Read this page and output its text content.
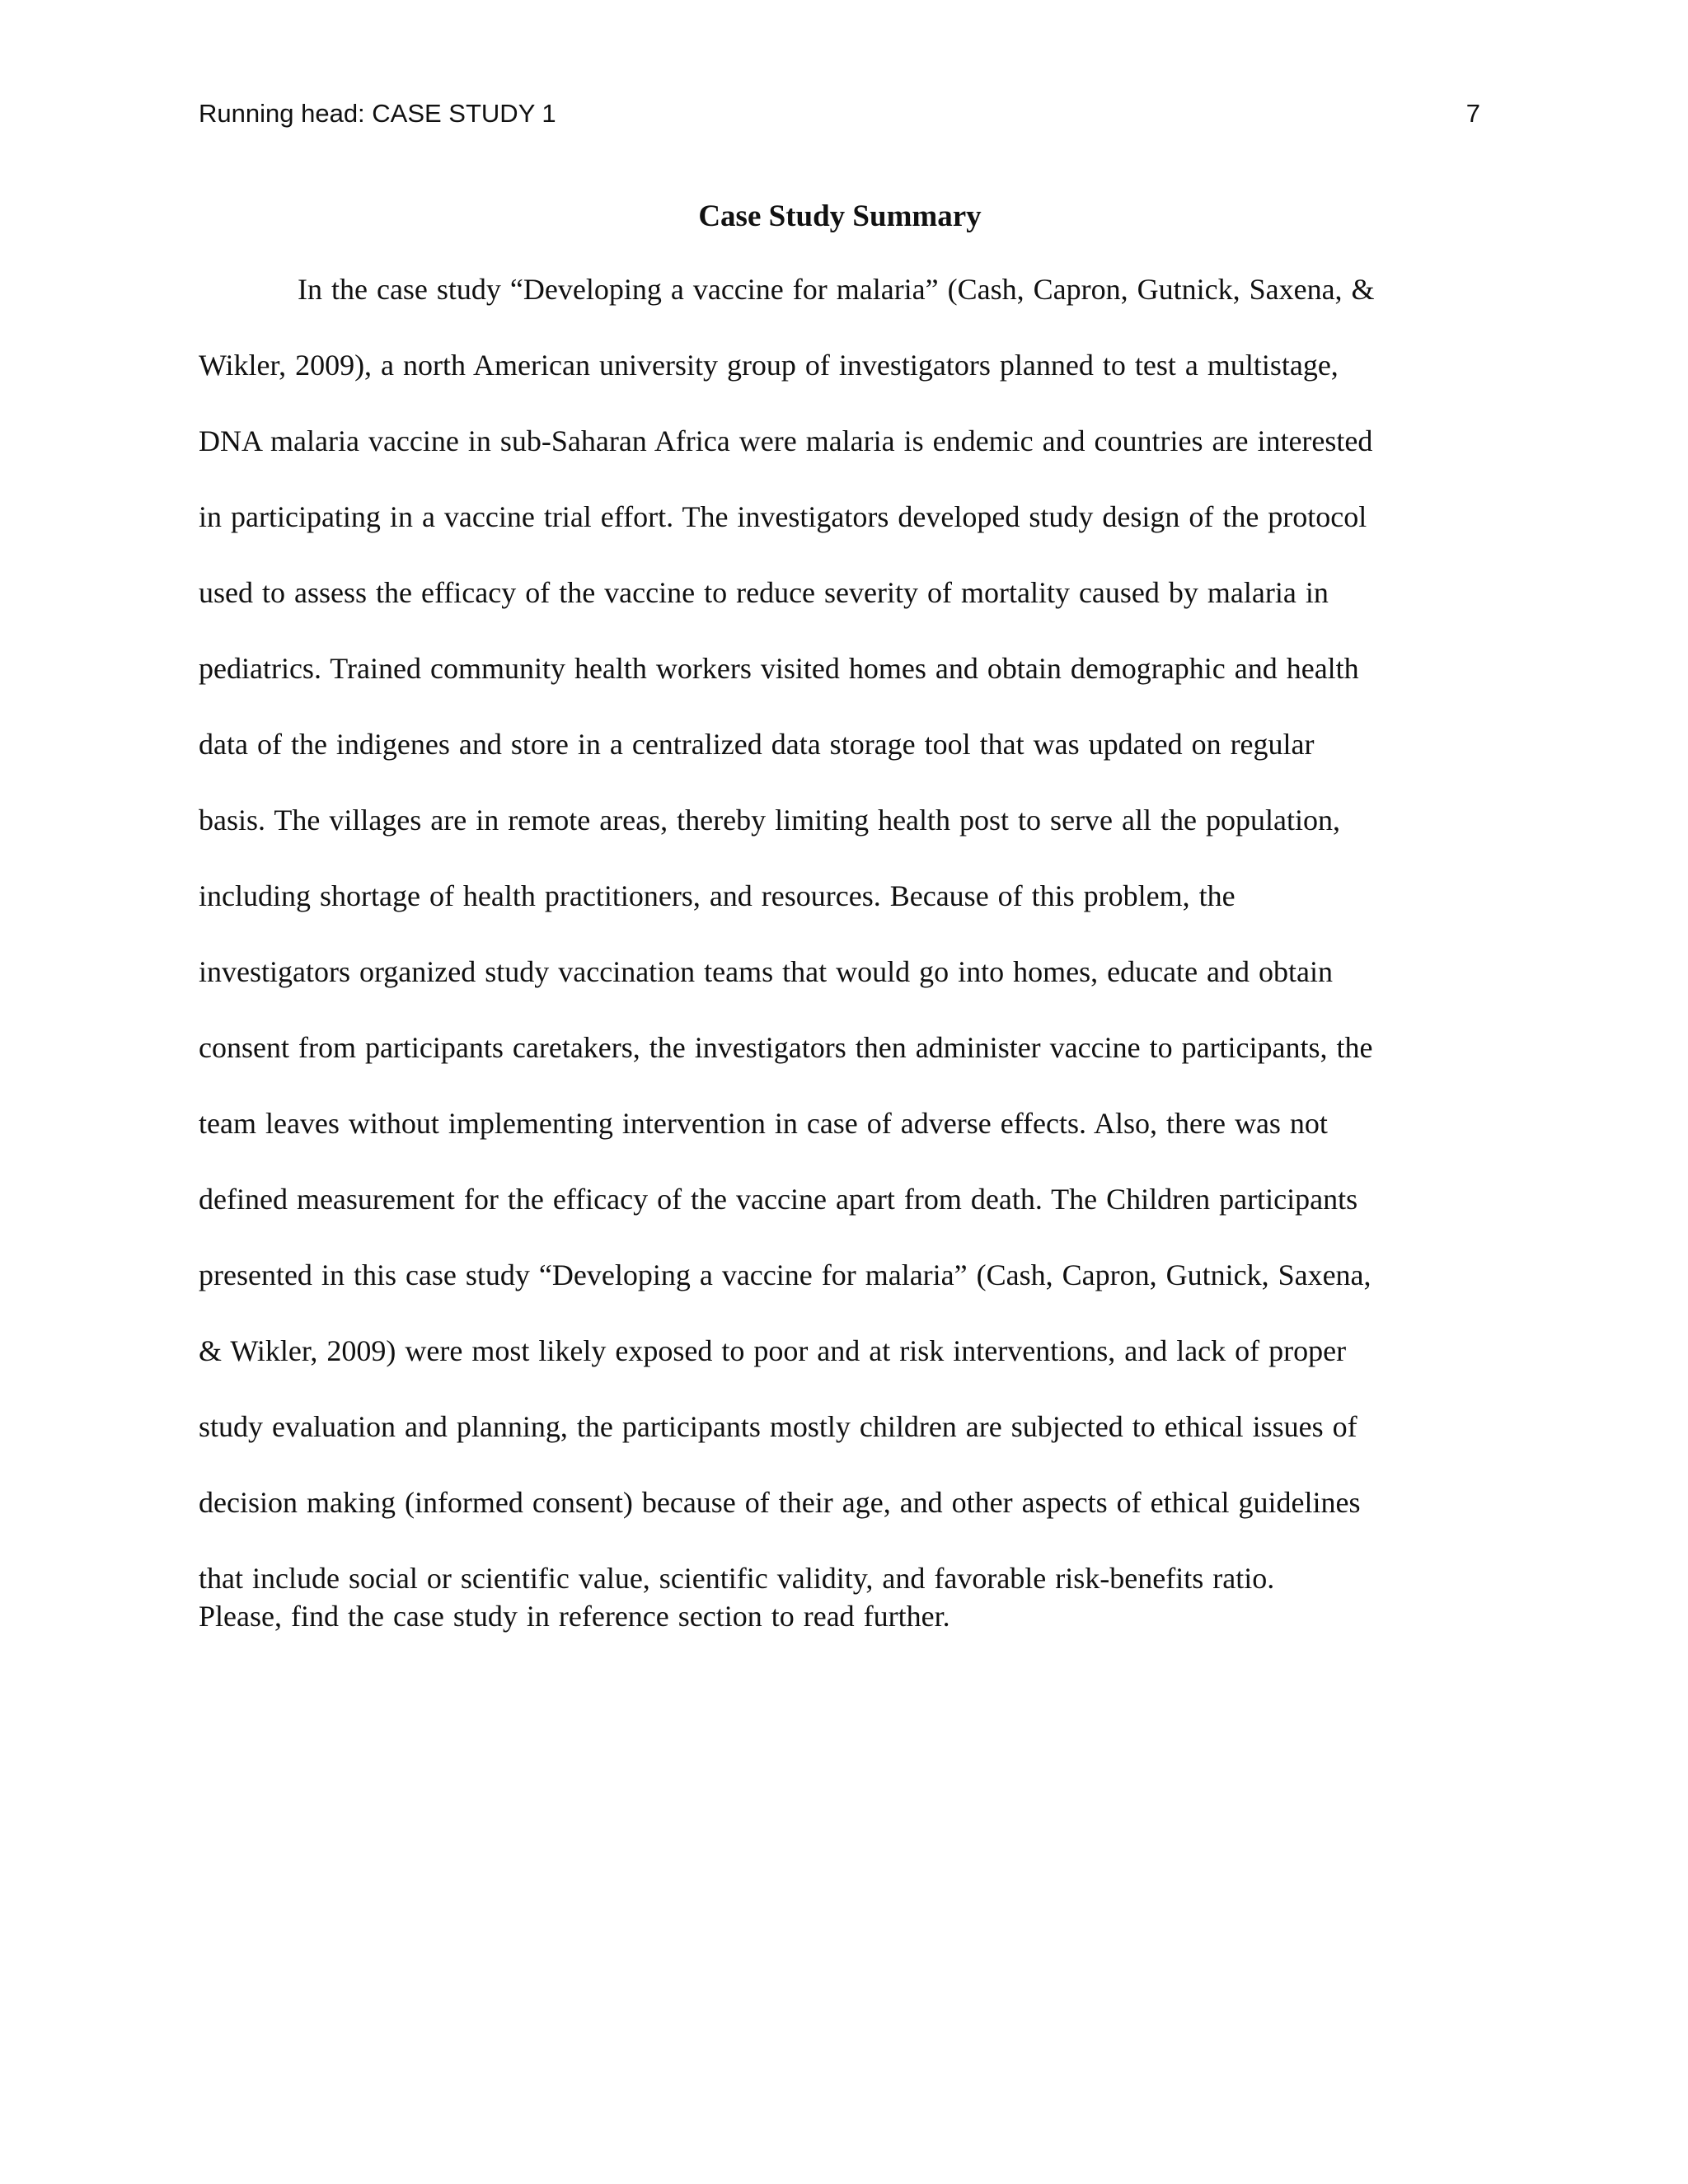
Running head: CASE STUDY 1	7
Case Study Summary
In the case study “Developing a vaccine for malaria” (Cash, Capron, Gutnick, Saxena, &
Wikler, 2009), a north American university group of investigators planned to test a multistage,
DNA malaria vaccine in sub-Saharan Africa were malaria is endemic and countries are interested
in participating in a vaccine trial effort. The investigators developed study design of the protocol
used to assess the efficacy of the vaccine to reduce severity of mortality caused by malaria in
pediatrics. Trained community health workers visited homes and obtain demographic and health
data of the indigenes and store in a centralized data storage tool that was updated on regular
basis. The villages are in remote areas, thereby limiting health post to serve all the population,
including shortage of health practitioners, and resources. Because of this problem, the
investigators organized study vaccination teams that would go into homes, educate and obtain
consent from participants caretakers, the investigators then administer vaccine to participants, the
team leaves without implementing intervention in case of adverse effects. Also, there was not
defined measurement for the efficacy of the vaccine apart from death. The Children participants
presented in this case study “Developing a vaccine for malaria” (Cash, Capron, Gutnick, Saxena,
& Wikler, 2009) were most likely exposed to poor and at risk interventions, and lack of proper
study evaluation and planning, the participants mostly children are subjected to ethical issues of
decision making (informed consent) because of their age, and other aspects of ethical guidelines
that include social or scientific value, scientific validity, and favorable risk-benefits ratio.
Please, find the case study in reference section to read further.
